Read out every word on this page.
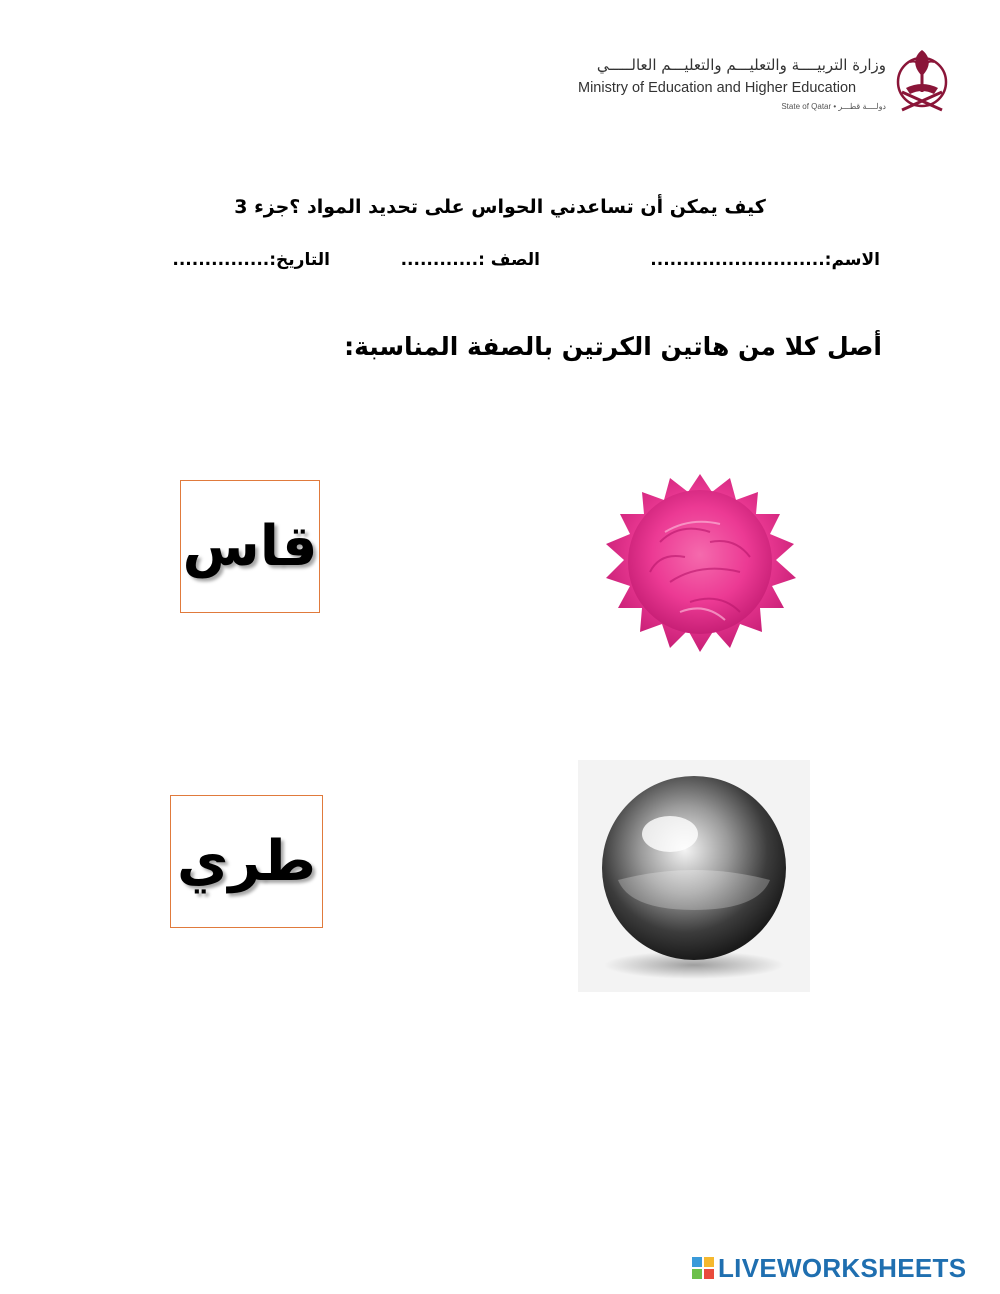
وزارة التربيــــة والتعليـــم والتعليـــم العالـــــي
Ministry of Education and Higher Education
State of Qatar • دولــــة قطـــر
كيف يمكن أن تساعدني الحواس على تحديد المواد ؟جزء 3
الاسم:...........................
الصف :............
التاريخ:...............
أصل كلا من هاتين الكرتين بالصفة المناسبة:
قاس
طري
LIVEWORKSHEETS
